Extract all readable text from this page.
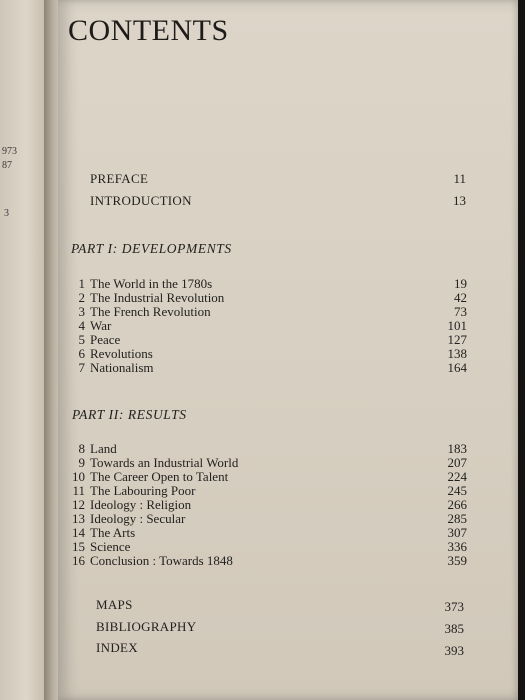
973
87
3
CONTENTS
PREFACE	11
INTRODUCTION	13
PART I: DEVELOPMENTS
1 The World in the 1780s	19
2 The Industrial Revolution	42
3 The French Revolution	73
4 War	101
5 Peace	127
6 Revolutions	138
7 Nationalism	164
PART II: RESULTS
8 Land	183
9 Towards an Industrial World	207
10 The Career Open to Talent	224
11 The Labouring Poor	245
12 Ideology : Religion	266
13 Ideology : Secular	285
14 The Arts	307
15 Science	336
16 Conclusion : Towards 1848	359
MAPS	373
BIBLIOGRAPHY	385
INDEX	393
